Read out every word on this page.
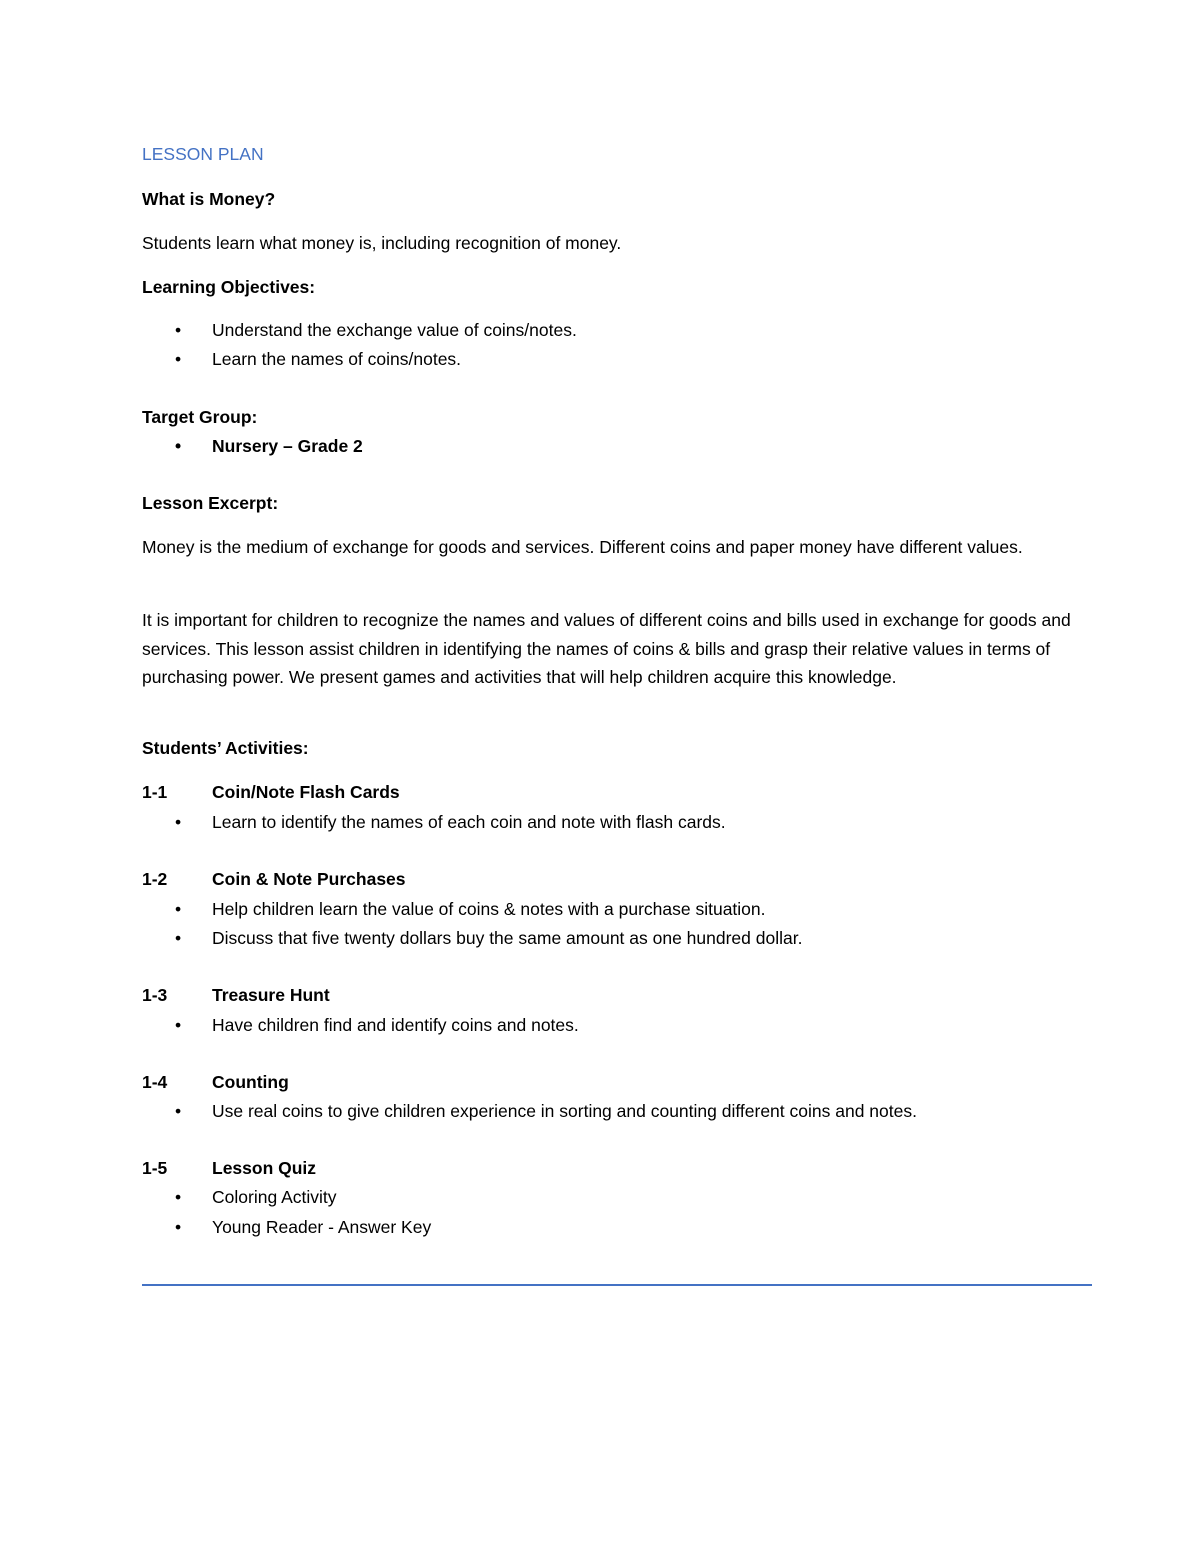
LESSON PLAN

What is Money?

Students learn what money is, including recognition of money.

Learning Objectives:

• Understand the exchange value of coins/notes.
• Learn the names of coins/notes.

Target Group:

• Nursery – Grade 2

Lesson Excerpt:

Money is the medium of exchange for goods and services. Different coins and paper money have different values.

It is important for children to recognize the names and values of different coins and bills used in exchange for goods and services. This lesson assist children in identifying the names of coins & bills and grasp their relative values in terms of purchasing power. We present games and activities that will help children acquire this knowledge.

Students’ Activities:

1-1	Coin/Note Flash Cards
• Learn to identify the names of each coin and note with flash cards.
1-2	Coin & Note Purchases
• Help children learn the value of coins & notes with a purchase situation.
• Discuss that five twenty dollars buy the same amount as one hundred dollar.
1-3	Treasure Hunt
• Have children find and identify coins and notes.
1-4	Counting
• Use real coins to give children experience in sorting and counting different coins and notes.
1-5	Lesson Quiz
• Coloring Activity
• Young Reader - Answer Key
